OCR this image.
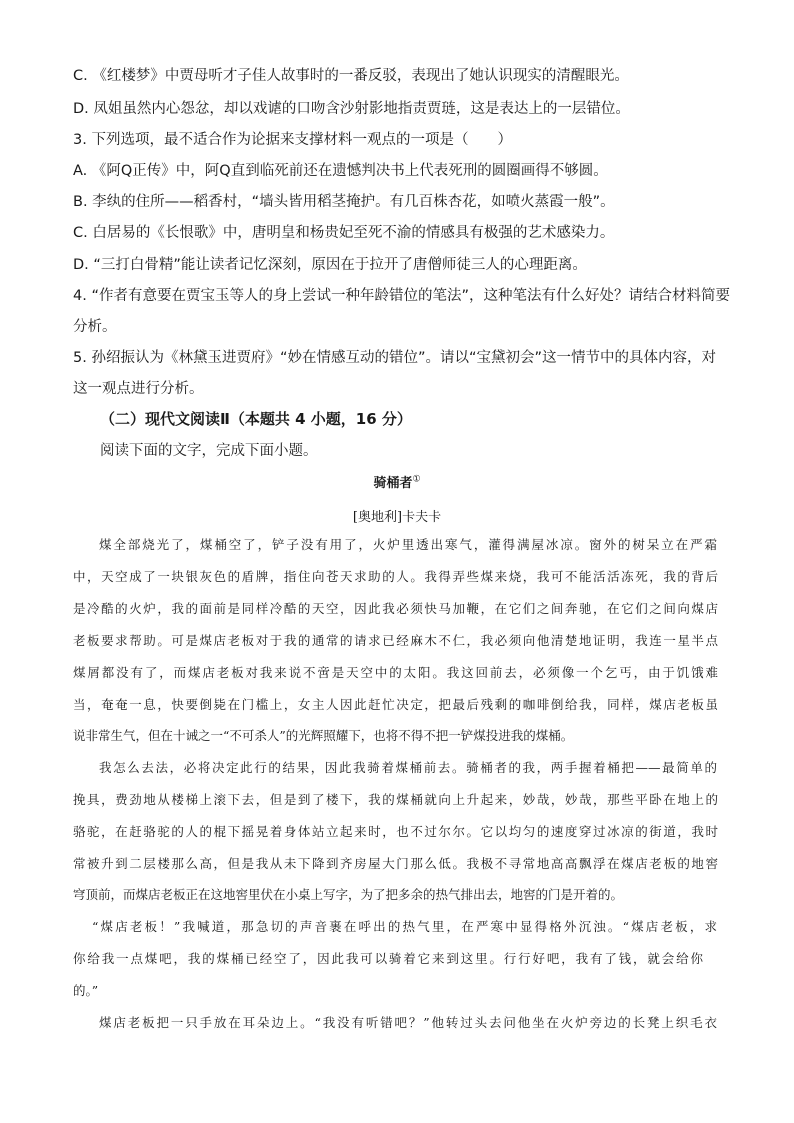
C. 《红楼梦》中贾母听才子佳人故事时的一番反驳，表现出了她认识现实的清醒眼光。
D. 凤姐虽然内心怨忿，却以戏谑的口吻含沙射影地指责贾琏，这是表达上的一层错位。
3. 下列选项，最不适合作为论据来支撑材料一观点的一项是（　　）
A. 《阿Q正传》中，阿Q直到临死前还在遗憾判决书上代表死刑的圆圈画得不够圆。
B. 李纨的住所——稻香村，“墙头皆用稻茎掩护。有几百株杏花，如喷火蒸霞一般”。
C. 白居易的《长恨歌》中，唐明皇和杨贵妃至死不渝的情感具有极强的艺术感染力。
D. “三打白骨精”能让读者记忆深刻，原因在于拉开了唐僧师徒三人的心理距离。
4. “作者有意要在贾宝玉等人的身上尝试一种年龄错位的笔法”，这种笔法有什么好处？请结合材料简要
分析。
5. 孙绍振认为《林黛玉进贾府》“妙在情感互动的错位”。请以“宝黛初会”这一情节中的具体内容，对
这一观点进行分析。
（二）现代文阅读Ⅱ（本题共 4 小题，16 分）
阅读下面的文字，完成下面小题。
骑桶者①
[奥地利]卡夫卡
煤全部烧光了，煤桶空了，铲子没有用了，火炉里透出寒气，灌得满屋冰凉。窗外的树呆立在严霜
中，天空成了一块银灰色的盾牌，指住向苍天求助的人。我得弄些煤来烧，我可不能活活冻死，我的背后
是冷酷的火炉，我的面前是同样冷酷的天空，因此我必须快马加鞭，在它们之间奔驰，在它们之间向煤店
老板要求帮助。可是煤店老板对于我的通常的请求已经麻木不仁，我必须向他清楚地证明，我连一星半点
煤屑都没有了，而煤店老板对我来说不啻是天空中的太阳。我这回前去，必须像一个乞丐，由于饥饿难
当，奄奄一息，快要倒毙在门槛上，女主人因此赶忙决定，把最后残剩的咖啡倒给我，同样，煤店老板虽
说非常生气，但在十诫之一“不可杀人”的光辉照耀下，也将不得不把一铲煤投进我的煤桶。
我怎么去法，必将决定此行的结果，因此我骑着煤桶前去。骑桶者的我，两手握着桶把——最简单的
挽具，费劲地从楼梯上滚下去，但是到了楼下，我的煤桶就向上升起来，妙哉，妙哉，那些平卧在地上的
骆驼，在赶骆驼的人的棍下摇晃着身体站立起来时，也不过尔尔。它以均匀的速度穿过冰凉的街道，我时
常被升到二层楼那么高，但是我从未下降到齐房屋大门那么低。我极不寻常地高高飘浮在煤店老板的地窖
穹顶前，而煤店老板正在这地窖里伏在小桌上写字，为了把多余的热气排出去，地窖的门是开着的。
“煤店老板！”我喊道，那急切的声音裹在呼出的热气里，在严寒中显得格外沉浊。“煤店老板，求
你给我一点煤吧，我的煤桶已经空了，因此我可以骑着它来到这里。行行好吧，我有了钱，就会给你
的。”
煤店老板把一只手放在耳朵边上。“我没有听错吧？”他转过头去问他坐在火炉旁边的长凳上织毛衣
